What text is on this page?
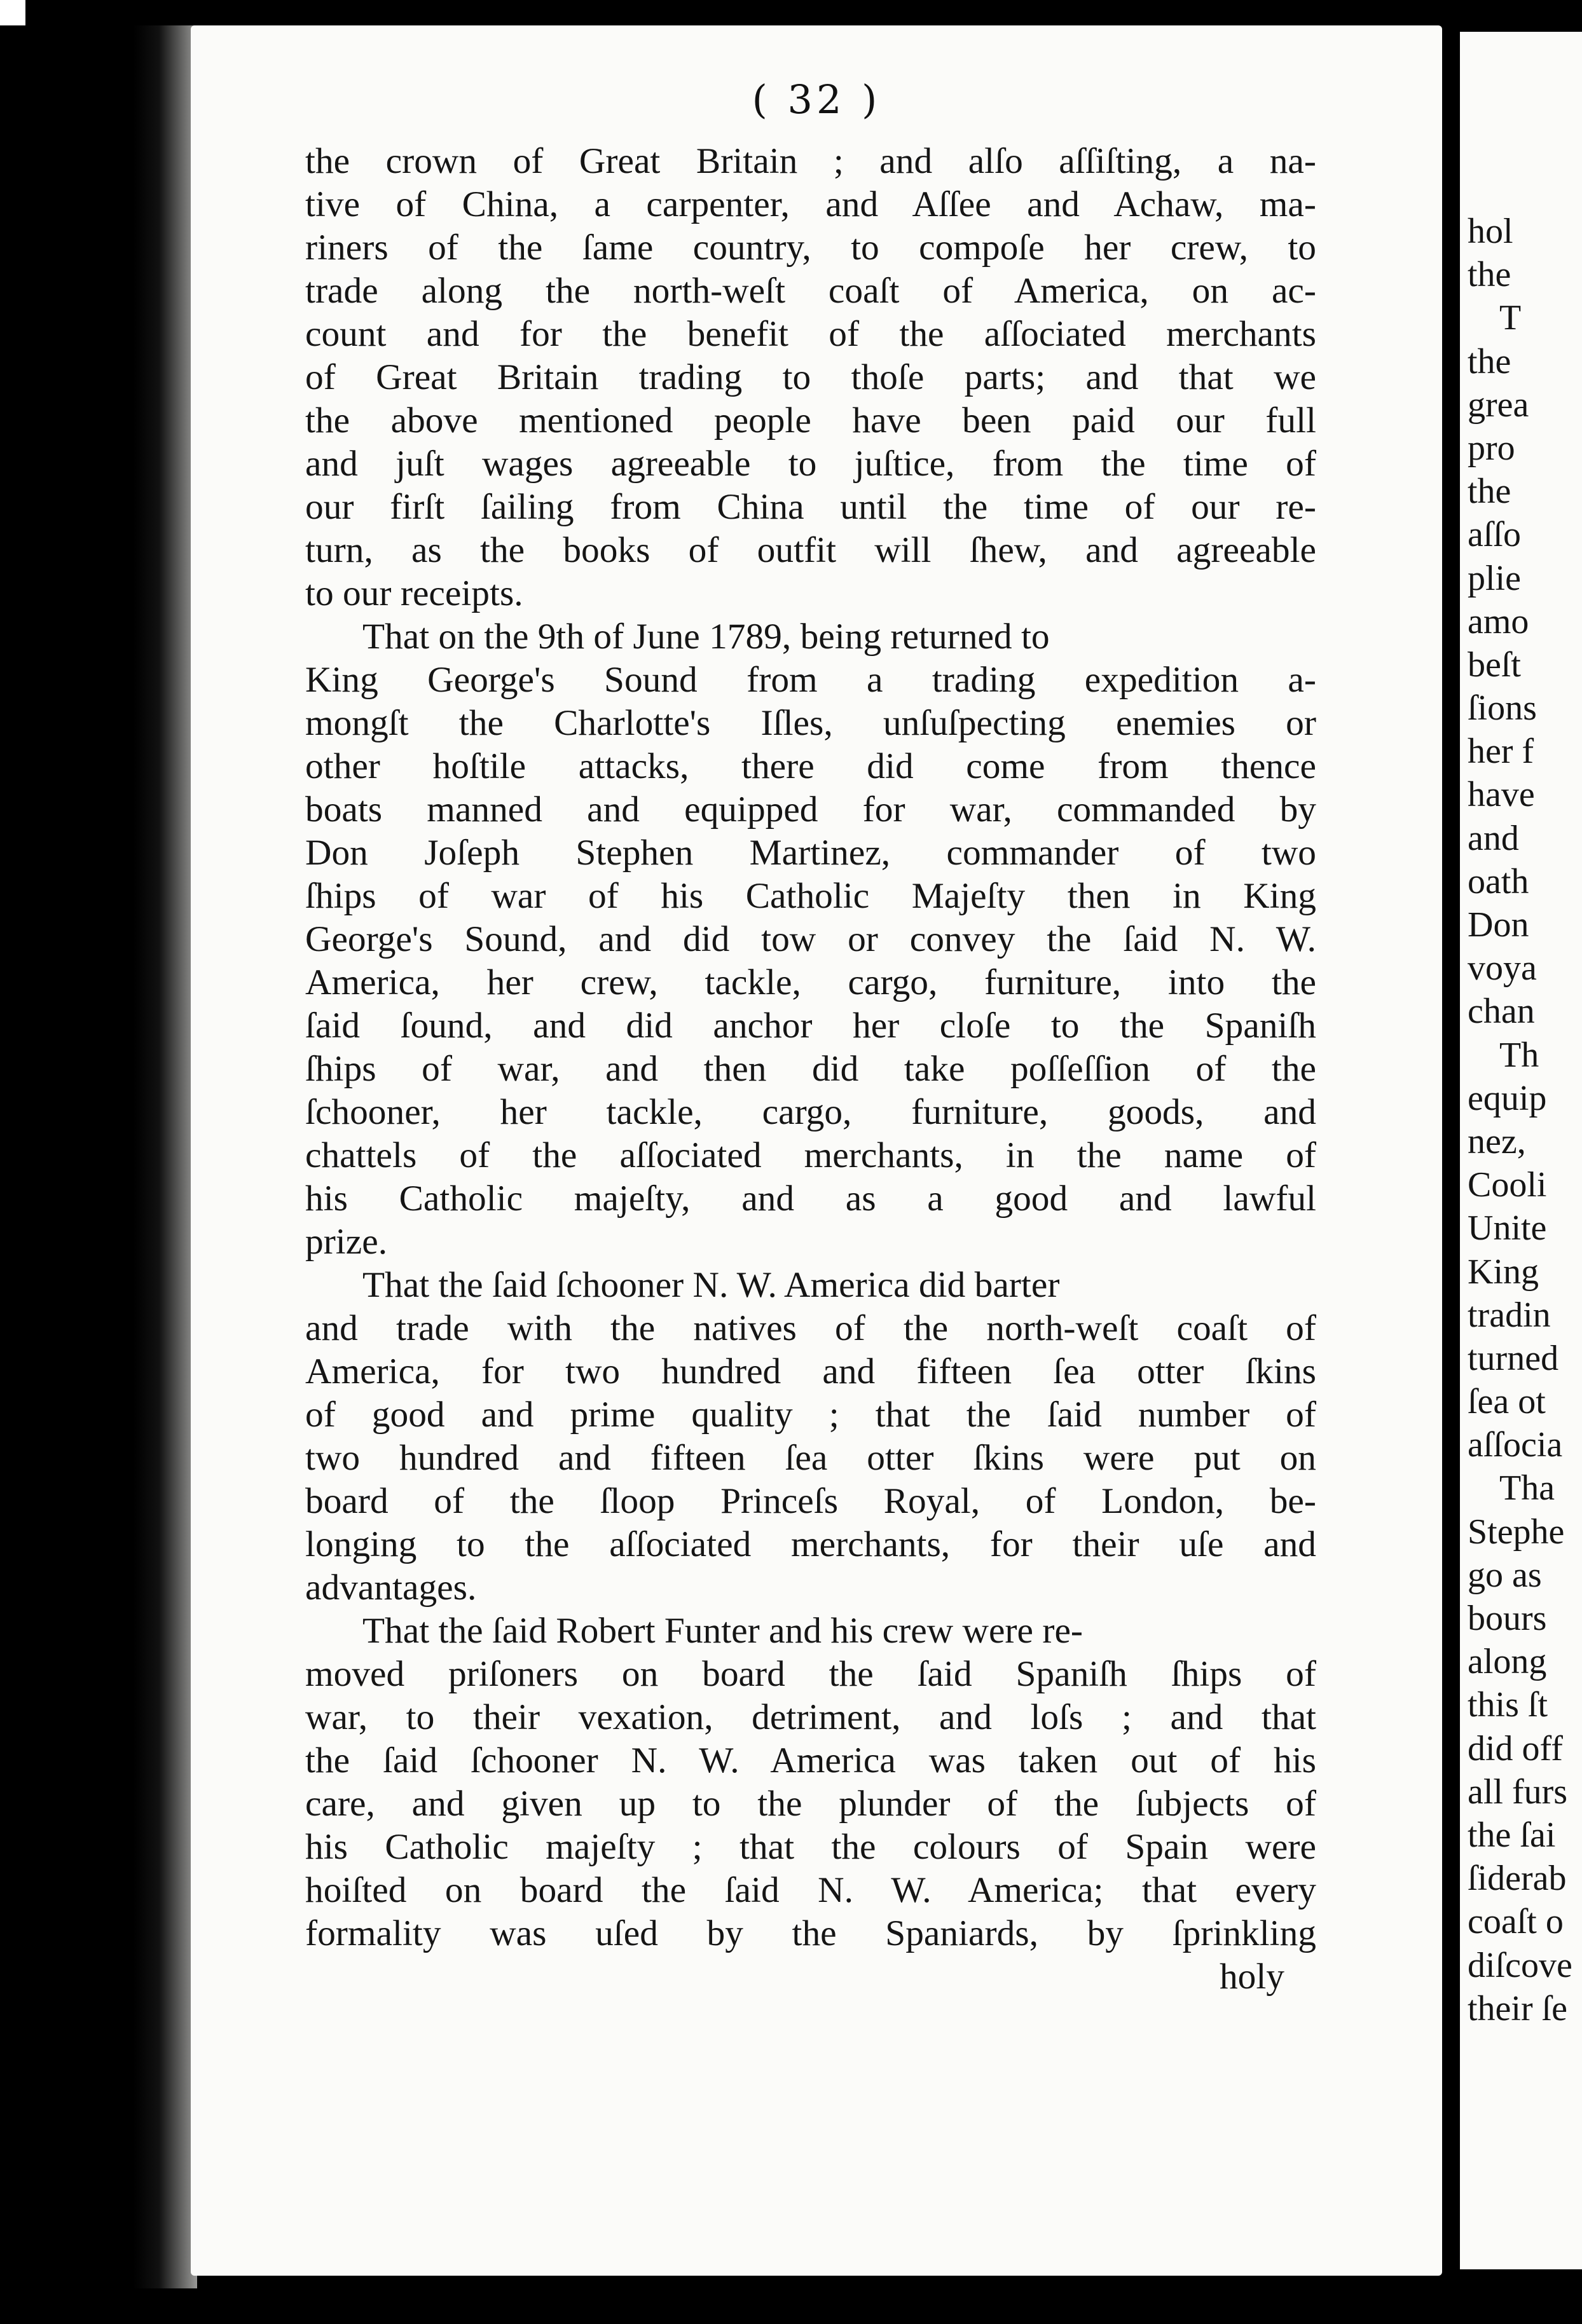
( 32 )
the crown of Great Britain ; and alſo aſſiſting, a na-
tive of China, a carpenter, and Aſſee and Achaw, ma-
riners of the ſame country, to compoſe her crew, to
trade along the north-weſt coaſt of America, on ac-
count and for the benefit of the aſſociated merchants
of Great Britain trading to thoſe parts; and that we
the above mentioned people have been paid our full
and juſt wages agreeable to juſtice, from the time of
our firſt ſailing from China until the time of our re-
turn, as the books of outfit will ſhew, and agreeable
to our receipts.
That on the 9th of June 1789, being returned to
King George's Sound from a trading expedition a-
mongſt the Charlotte's Iſles, unſuſpecting enemies or
other hoſtile attacks, there did come from thence
boats manned and equipped for war, commanded by
Don Joſeph Stephen Martinez, commander of two
ſhips of war of his Catholic Majeſty then in King
George's Sound, and did tow or convey the ſaid N. W.
America, her crew, tackle, cargo, furniture, into the
ſaid ſound, and did anchor her cloſe to the Spaniſh
ſhips of war, and then did take poſſeſſion of the
ſchooner, her tackle, cargo, furniture, goods, and
chattels of the aſſociated merchants, in the name of
his Catholic majeſty, and as a good and lawful
prize.
That the ſaid ſchooner N. W. America did barter
and trade with the natives of the north-weſt coaſt of
America, for two hundred and fifteen ſea otter ſkins
of good and prime quality ; that the ſaid number of
two hundred and fifteen ſea otter ſkins were put on
board of the ſloop Princeſs Royal, of London, be-
longing to the aſſociated merchants, for their uſe and
advantages.
That the ſaid Robert Funter and his crew were re-
moved priſoners on board the ſaid Spaniſh ſhips of
war, to their vexation, detriment, and loſs ; and that
the ſaid ſchooner N. W. America was taken out of his
care, and given up to the plunder of the ſubjects of
his Catholic majeſty ; that the colours of Spain were
hoiſted on board the ſaid N. W. America; that every
formality was uſed by the Spaniards, by ſprinkling
holy
hol
the
T
the
grea
pro
the
aſſo
plie
amo
beſt
ſions
her f
have
and
oath
Don
voya
chan
Th
equip
nez,
Cooli
Unite
King
tradin
turned
ſea ot
aſſocia
Tha
Stephe
go as
bours
along
this ſt
did off
all furs
the ſai
ſiderab
coaſt o
diſcove
their ſe
